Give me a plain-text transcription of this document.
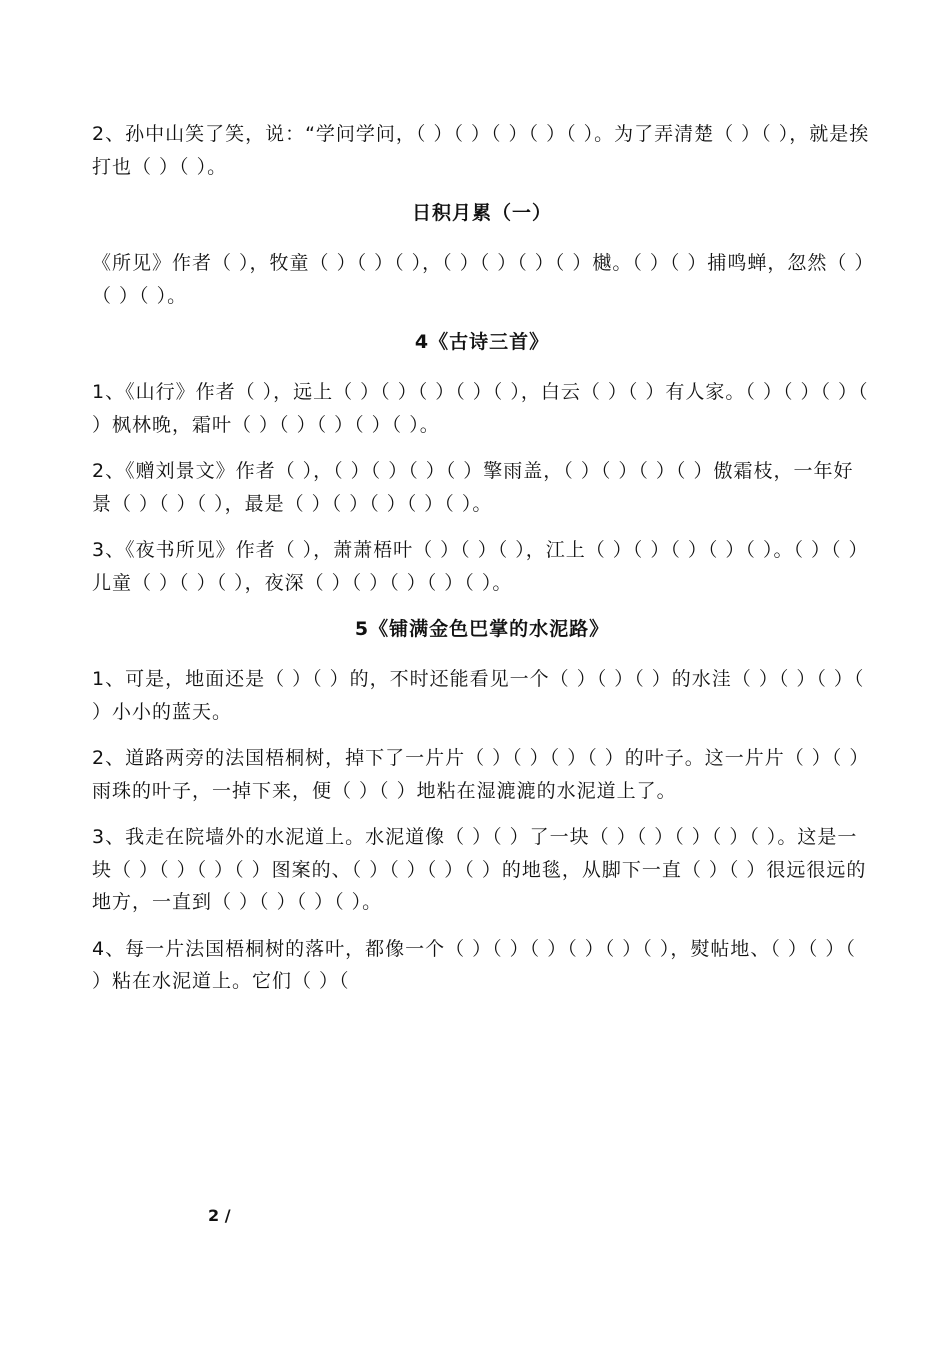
2、孙中山笑了笑，说：“学问学问，（ ）（ ）（ ）（ ）（ ）。为了弄清楚（ ）（ ），就是挨打也（ ）（ ）。

日积月累（一）

《所见》作者（ ），牧童（ ）（ ）（ ），（ ）（ ）（ ）（ ）樾。（ ）（ ）捕鸣蝉，忽然（ ）（ ）（ ）。

4《古诗三首》

1、《山行》作者（ ），远上（ ）（ ）（ ）（ ）（ ），白云（ ）（ ）有人家。（ ）（ ）（ ）（ ）枫林晚，霜叶（ ）（ ）（ ）（ ）（ ）。

2、《赠刘景文》作者（ ），（ ）（ ）（ ）（ ）擎雨盖，（ ）（ ）（ ）（ ）傲霜枝，一年好景（ ）（ ）（ ），最是（ ）（ ）（ ）（ ）（ ）。

3、《夜书所见》作者（ ），萧萧梧叶（ ）（ ）（ ），江上（ ）（ ）（ ）（ ）（ ）。（ ）（ ）儿童（ ）（ ）（ ），夜深（ ）（ ）（ ）（ ）（ ）。

5《铺满金色巴掌的水泥路》

1、可是，地面还是（ ）（ ）的，不时还能看见一个（ ）（ ）（ ）的水洼（ ）（ ）（ ）（ ）小小的蓝天。

2、道路两旁的法国梧桐树，掉下了一片片（ ）（ ）（ ）（ ）的叶子。这一片片（ ）（ ）雨珠的叶子，一掉下来，便（ ）（ ）地粘在湿漉漉的水泥道上了。

3、我走在院墙外的水泥道上。水泥道像（ ）（ ）了一块（ ）（ ）（ ）（ ）（ ）。这是一块（ ）（ ）（ ）（ ）图案的、（ ）（ ）（ ）（ ）的地毯，从脚下一直（ ）（ ）很远很远的地方，一直到（ ）（ ）（ ）（ ）。

4、每一片法国梧桐树的落叶，都像一个（ ）（ ）（ ）（ ）（ ）（ ），熨帖地、（ ）（ ）（ ）粘在水泥道上。它们（ ）（

2 /
